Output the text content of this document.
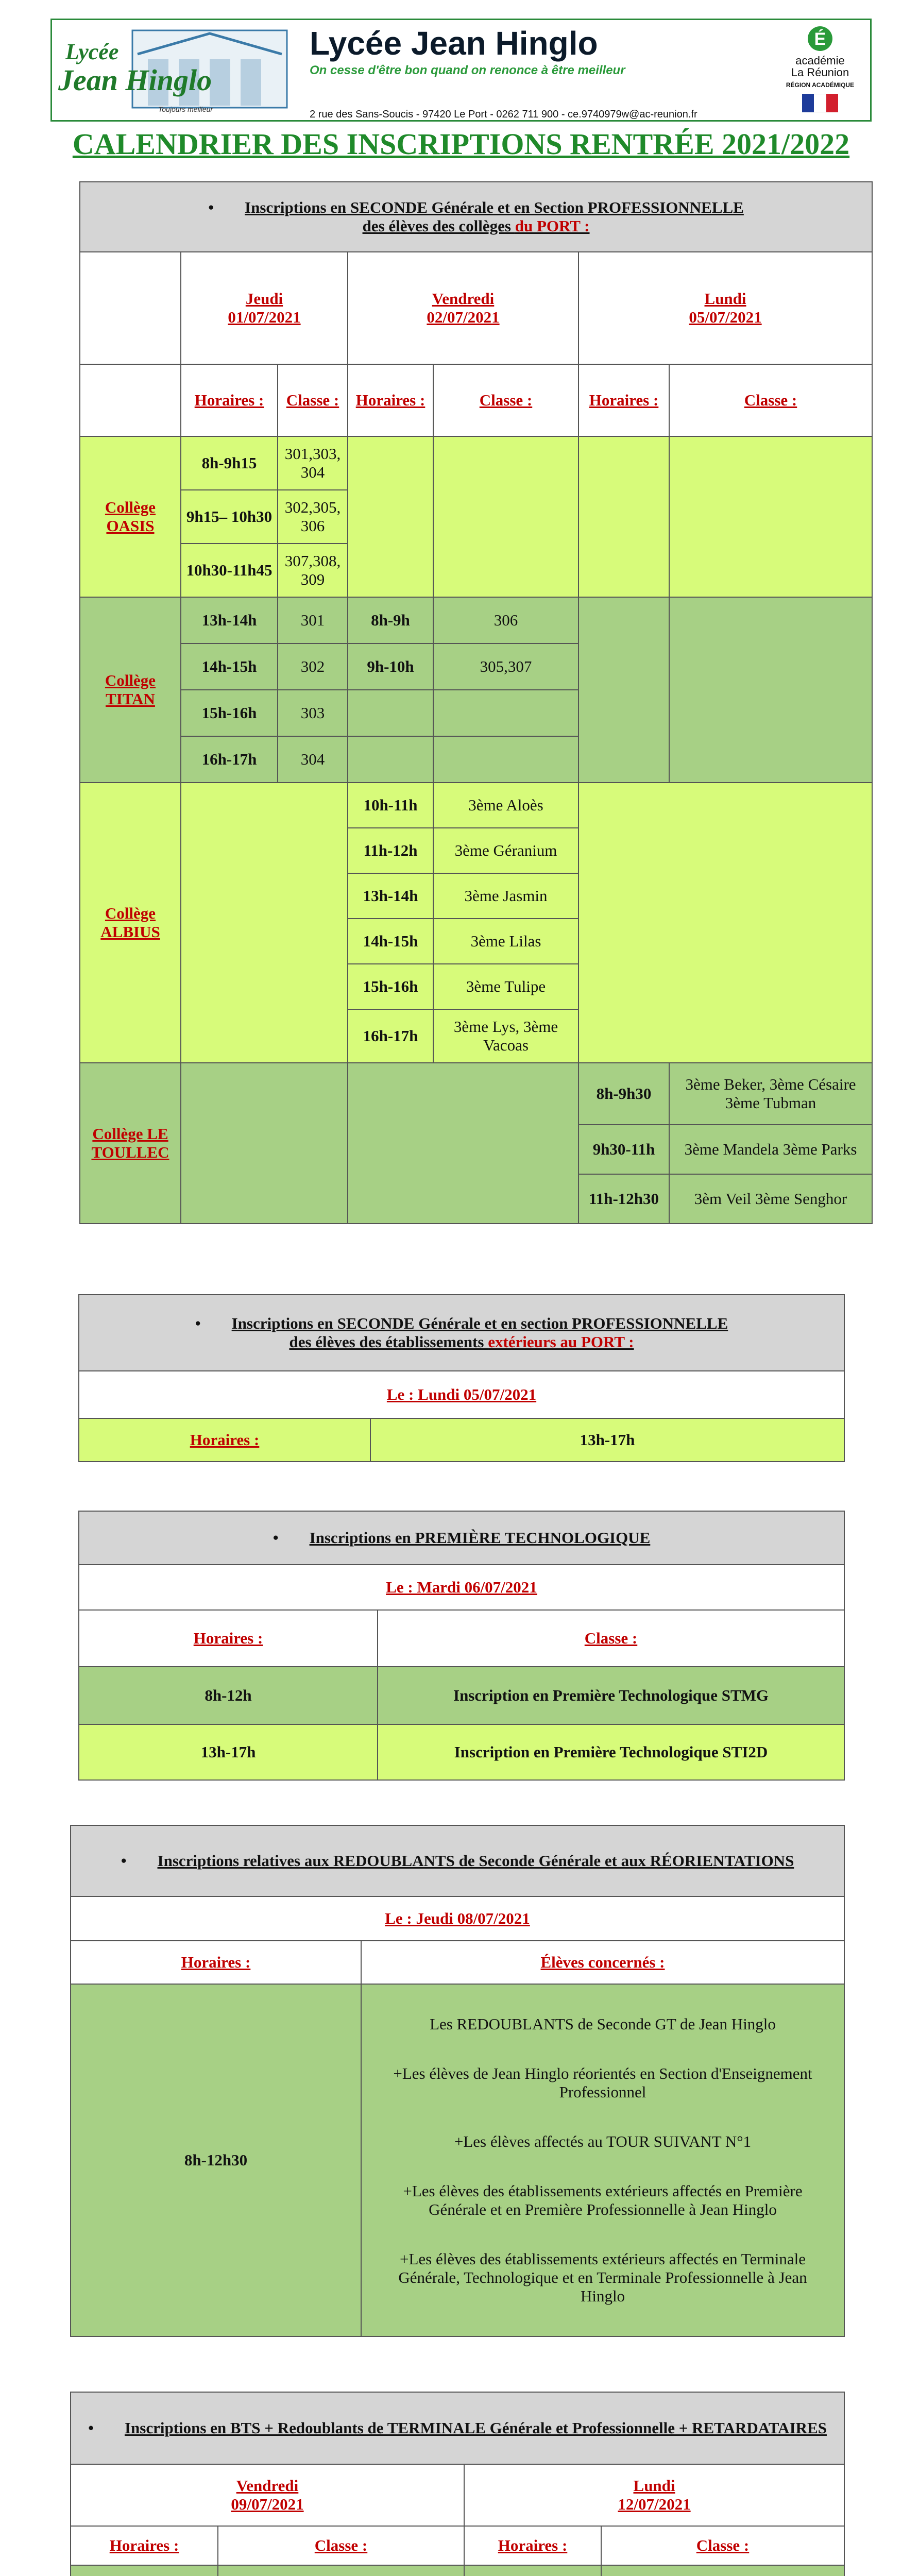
Lycée
Jean Hinglo
Toujours meilleur
Lycée Jean Hinglo
On cesse d'être bon quand on renonce à être meilleur
2 rue des Sans-Soucis - 97420 Le Port - 0262 711 900 - ce.9740979w@ac-reunion.fr
É
académie
La Réunion
RÉGION ACADÉMIQUE
CALENDRIER DES INSCRIPTIONS RENTRÉE 2021/2022
• Inscriptions en SECONDE Générale et en Section PROFESSIONNELLE
des élèves des collèges du PORT :						
	Jeudi
01/07/2021		Vendredi
02/07/2021		Lundi
05/07/2021	
	Horaires :	Classe :	Horaires :	Classe :	Horaires :	Classe :
Collège OASIS	8h-9h15	301,303, 304				
	9h15– 10h30	302,305, 306				
	10h30-11h45	307,308, 309				
Collège TITAN	13h-14h	301	8h-9h	306		
	14h-15h	302	9h-10h	305,307		
	15h-16h	303				
	16h-17h	304				
Collège ALBIUS			10h-11h	3ème Aloès		
			11h-12h	3ème Géranium		
			13h-14h	3ème Jasmin		
			14h-15h	3ème Lilas		
			15h-16h	3ème Tulipe		
			16h-17h	3ème Lys, 3ème Vacoas		
Collège LE TOULLEC					8h-9h30	3ème Beker, 3ème Césaire 3ème Tubman
					9h30-11h	3ème Mandela 3ème Parks
					11h-12h30	3èm Veil 3ème Senghor
• Inscriptions en SECONDE Générale et en section PROFESSIONNELLE
des élèves des établissements extérieurs au PORT :
Le : Lundi 05/07/2021
Horaires :	13h-17h
• Inscriptions en PREMIÈRE TECHNOLOGIQUE	
Le : Mardi 06/07/2021	
Horaires :	Classe :
8h-12h	Inscription en Première Technologique STMG
13h-17h	Inscription en Première Technologique STI2D
• Inscriptions relatives aux REDOUBLANTS de Seconde Générale et aux RÉORIENTATIONS	
Le : Jeudi 08/07/2021	
Horaires :	Élèves concernés :
8h-12h30	Les REDOUBLANTS de Seconde GT de Jean Hinglo

+Les élèves de Jean Hinglo réorientés en Section d'Enseignement Professionnel

+Les élèves affectés au TOUR SUIVANT N°1

+Les élèves des établissements extérieurs affectés en Première Générale et en Première Professionnelle à Jean Hinglo

+Les élèves des établissements extérieurs affectés en Terminale Générale, Technologique et en Terminale Professionnelle à Jean Hinglo

• Inscriptions en BTS + Redoublants de TERMINALE Générale et Professionnelle + RETARDATAIRES			
Vendredi
09/07/2021		Lundi
12/07/2021	
Horaires :	Classe :	Horaires :	Classe :
